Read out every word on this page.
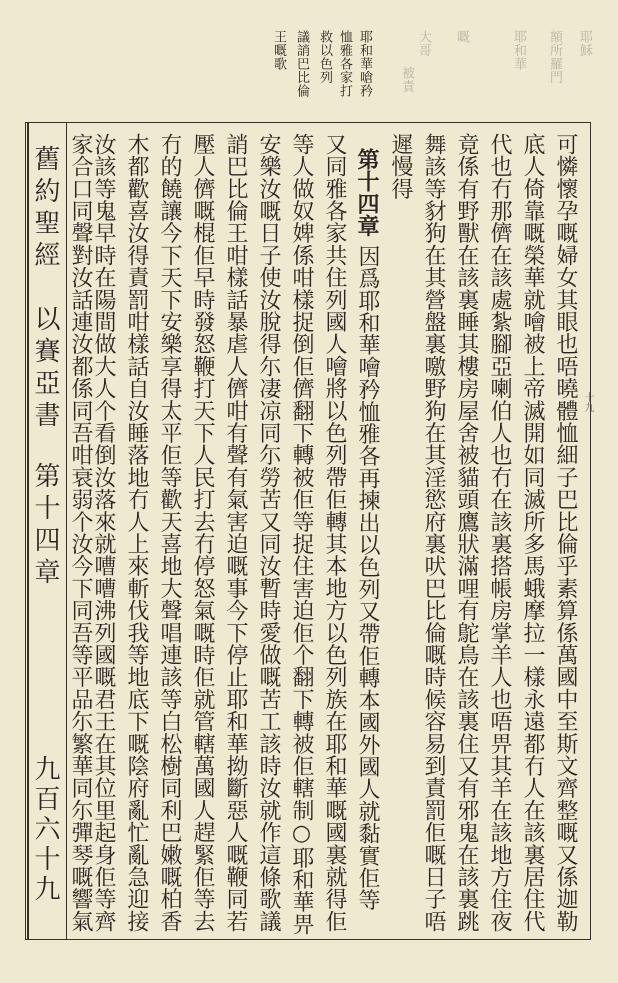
耶穌
額所羅門
耶和華
嘅
大哥
被責
耶和華嗆矜
恤雅各家打
救以色列
議誚巴比倫
王嘅歌
十九
可憐懷孕嘅婦女其眼也唔曉體恤細子巴比倫乎素算係萬國中至斯文齊整嘅又係迦勒
底人倚靠嘅榮華就噲被上帝滅開如同滅所多馬蛾摩拉一樣永遠都冇人在該裏居住代
代也冇那儕在該處紮腳亞喇伯人也冇在該裏搭帳房掌羊人也唔畀其羊在該地方住夜
竟係有野獸在該裏睡其樓房屋舍被貓頭鷹狀滿哩有鴕鳥在該裏住又有邪鬼在該裏跳
舞該等豺狗在其營盤裏噭野狗在其淫慾府裏吠巴比倫嘅時候容易到責罰佢嘅日子唔
遲慢得
第十四章
因爲耶和華噲矜恤雅各再揀出以色列又帶佢轉本國外國人就黏實佢等
又同雅各家共住列國人噲將以色列帶佢轉其本地方以色列族在耶和華嘅國裏就得佢
等人做奴婢係咁樣捉倒佢儕翻下轉被佢等捉住害迫佢个翻下轉被佢轄制○耶和華畀
安樂汝嘅日子使汝脫得尓凄凉同尓勞苦又同汝暫時愛做嘅苦工該時汝就作這條歌議
誚巴比倫王咁樣話暴虐人儕咁有聲有氣害迫嘅事今下停止耶和華拗斷惡人嘅鞭同若
壓人儕嘅棍佢早時發怒鞭打天下人民打去冇停怒氣嘅時佢就管轄萬國人趕緊佢等去
冇的饒讓今下天下安樂享得太平佢等歡天喜地大聲唱連該等白松樹同利巴嫩嘅柏香
木都歡喜汝得責罰咁樣話自汝睡落地冇人上來斬伐我等地底下嘅陰府亂忙亂急迎接
汝該等鬼早時在陽間做大人个看倒汝落來就嘈嘈沸列國嘅君王在其位里起身佢等齊
家合口同聲對汝話連汝都係同吾咁衰弱个汝今下同吾等平品尓繁華同尓彈琴嘅響氣
舊約聖經　以賽亞書
第十四章
九百六十九
